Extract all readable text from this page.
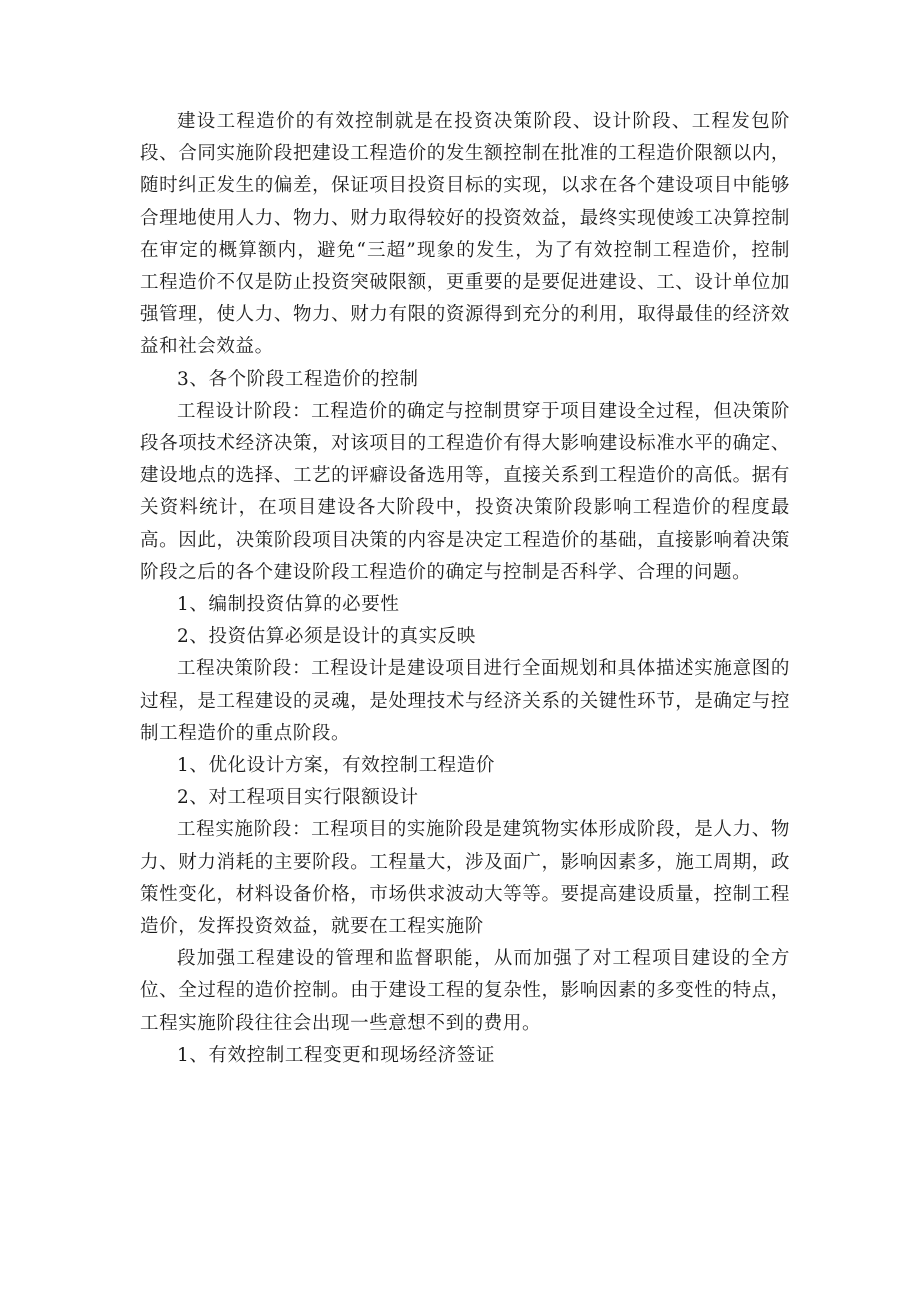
建设工程造价的有效控制就是在投资决策阶段、设计阶段、工程发包阶段、合同实施阶段把建设工程造价的发生额控制在批准的工程造价限额以内，随时纠正发生的偏差，保证项目投资目标的实现，以求在各个建设项目中能够合理地使用人力、物力、财力取得较好的投资效益，最终实现使竣工决算控制在审定的概算额内，避免“三超”现象的发生，为了有效控制工程造价，控制工程造价不仅是防止投资突破限额，更重要的是要促进建设、工、设计单位加强管理，使人力、物力、财力有限的资源得到充分的利用，取得最佳的经济效益和社会效益。

3、各个阶段工程造价的控制

工程设计阶段：工程造价的确定与控制贯穿于项目建设全过程，但决策阶段各项技术经济决策，对该项目的工程造价有得大影响建设标准水平的确定、建设地点的选择、工艺的评癖设备选用等，直接关系到工程造价的高低。据有关资料统计，在项目建设各大阶段中，投资决策阶段影响工程造价的程度最高。因此，决策阶段项目决策的内容是决定工程造价的基础，直接影响着决策阶段之后的各个建设阶段工程造价的确定与控制是否科学、合理的问题。

1、编制投资估算的必要性

2、投资估算必须是设计的真实反映

工程决策阶段：工程设计是建设项目进行全面规划和具体描述实施意图的过程，是工程建设的灵魂，是处理技术与经济关系的关键性环节，是确定与控制工程造价的重点阶段。

1、优化设计方案，有效控制工程造价

2、对工程项目实行限额设计

工程实施阶段：工程项目的实施阶段是建筑物实体形成阶段，是人力、物力、财力消耗的主要阶段。工程量大，涉及面广，影响因素多，施工周期，政策性变化，材料设备价格，市场供求波动大等等。要提高建设质量，控制工程造价，发挥投资效益，就要在工程实施阶

段加强工程建设的管理和监督职能，从而加强了对工程项目建设的全方位、全过程的造价控制。由于建设工程的复杂性，影响因素的多变性的特点，工程实施阶段往往会出现一些意想不到的费用。

1、有效控制工程变更和现场经济签证
